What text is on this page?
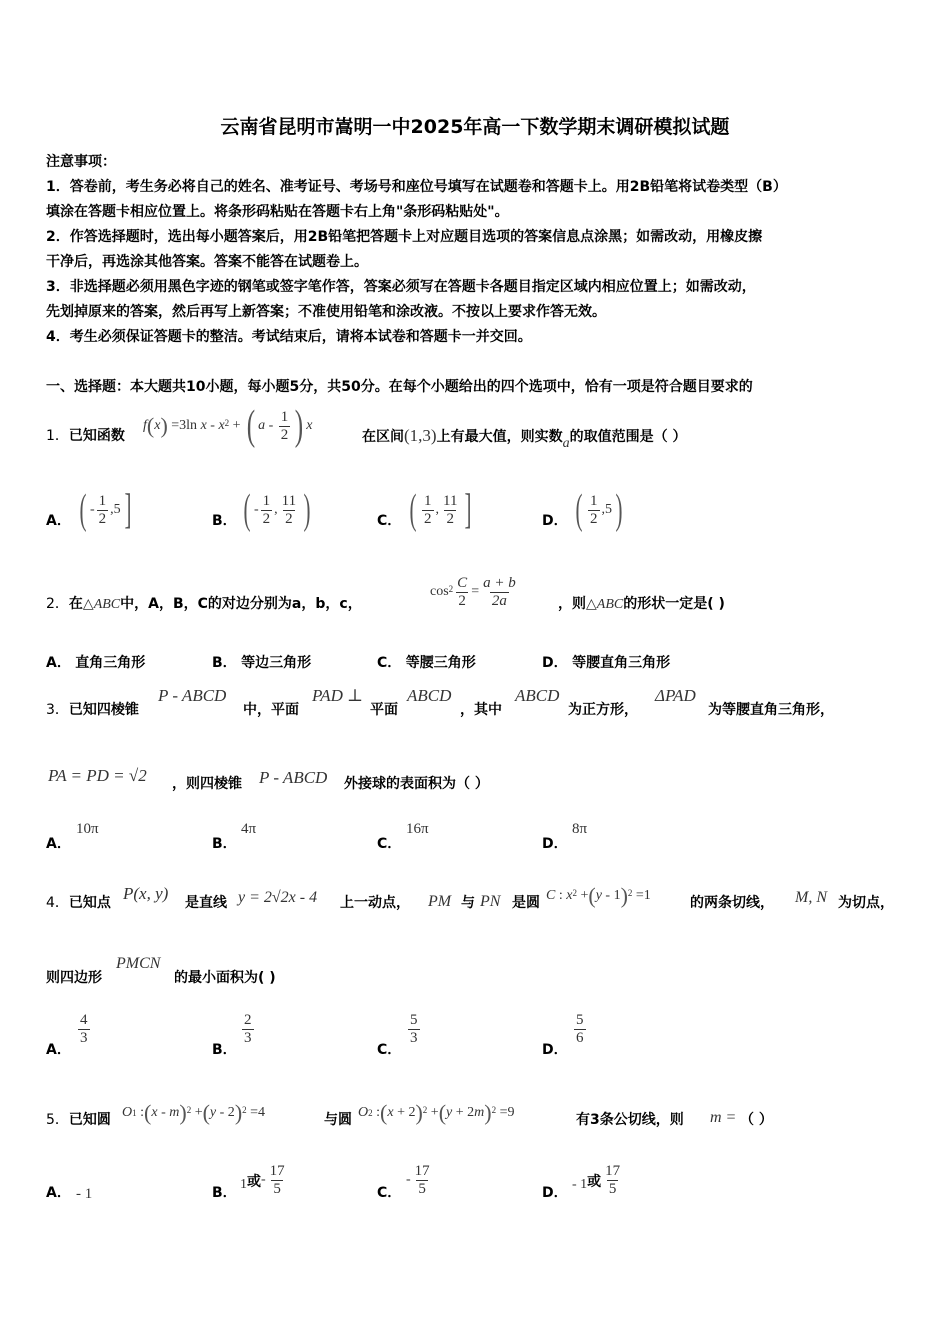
云南省昆明市嵩明一中2025年高一下数学期末调研模拟试题
注意事项：
1．答卷前，考生务必将自己的姓名、准考证号、考场号和座位号填写在试题卷和答题卡上。用2B铅笔将试卷类型（B）
填涂在答题卡相应位置上。将条形码粘贴在答题卡右上角"条形码粘贴处"。
2．作答选择题时，选出每小题答案后，用2B铅笔把答题卡上对应题目选项的答案信息点涂黑；如需改动，用橡皮擦
干净后，再选涂其他答案。答案不能答在试题卷上。
3．非选择题必须用黑色字迹的钢笔或签字笔作答，答案必须写在答题卡各题目指定区域内相应位置上；如需改动，
先划掉原来的答案，然后再写上新答案；不准使用铅笔和涂改液。不按以上要求作答无效。
4．考生必须保证答题卡的整洁。考试结束后，请将本试卷和答题卡一并交回。
一、选择题：本大题共10小题，每小题5分，共50分。在每个小题给出的四个选项中，恰有一项是符合题目要求的
1．已知函数
f ( x ) =3ln x - $x^2$ + ( a - $\frac{1}{2}$ ) x
在区间(1,3)上有最大值，则实数a的取值范围是（ ）
A． ( - $\frac{1}{2} ,5$ ]	B． ( - $\frac{1}{2}$ , $\frac{11}{2}$ )	C． ( $\frac{1}{2}$ , $\frac{11}{2}$ ]	D． ( $\frac{1}{2} ,5$ )
2．在△ABC中，A，B，C的对边分别为a，b，c，
$\cos^2 \frac{C}{2} = \frac{a + b}{2a}$	，则△ABC的形状一定是( )
A． 直角三角形	B． 等边三角形	C． 等腰三角形	D． 等腰直角三角形
3．已知四棱锥
P - ABCD
中，平面
PAD ⊥
平面
ABCD
，其中
ABCD
为正方形，
ΔPAD
为等腰直角三角形，
PA = PD = √2 ，则四棱锥 P - ABCD 外接球的表面积为（ ）
A．
10π
B．
4π
C．
16π
D．
8π
4．已知点 P(x, y) 是直线 y = 2√2x - 4 上一动点， PM 与 PN 是圆 C : $x^2$ + ( y - 1 )$^2$ =1	的两条切线， M, N 为切点，
则四边形
PMCN
的最小面积为( )
A．
$\frac{4}{3}$
B．
$\frac{2}{3}$
C．
$\frac{5}{3}$
D．
$\frac{5}{6}$
5．已知圆 O 1 : ( x - m )$^2$ + ( y - 2 )$^2$ =4	与圆 O 2 : ( x + 2 )$^2$ + ( y + 2 m )$^2$ =9	有3条公切线，则 m = （ ）
A． - 1	B．
1 或 - $\frac{17}{5}$	C．
- $\frac{17}{5}$	D．
- 1 或 $\frac{17}{5}$
